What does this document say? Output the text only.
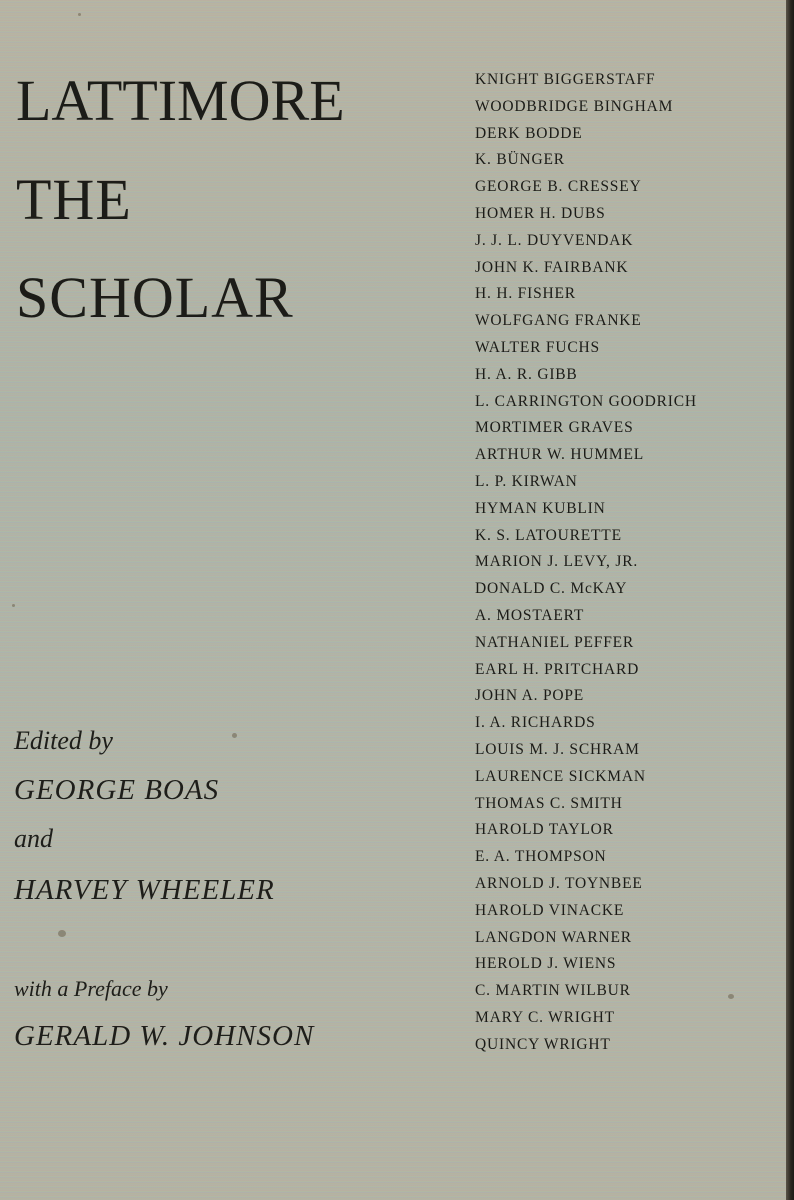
LATTIMORE
THE
SCHOLAR
Edited by
GEORGE BOAS
and
HARVEY WHEELER
with a Preface by
GERALD W. JOHNSON
KNIGHT BIGGERSTAFF
WOODBRIDGE BINGHAM
DERK BODDE
K. BÜNGER
GEORGE B. CRESSEY
HOMER H. DUBS
J. J. L. DUYVENDAK
JOHN K. FAIRBANK
H. H. FISHER
WOLFGANG FRANKE
WALTER FUCHS
H. A. R. GIBB
L. CARRINGTON GOODRICH
MORTIMER GRAVES
ARTHUR W. HUMMEL
L. P. KIRWAN
HYMAN KUBLIN
K. S. LATOURETTE
MARION J. LEVY, JR.
DONALD C. McKAY
A. MOSTAERT
NATHANIEL PEFFER
EARL H. PRITCHARD
JOHN A. POPE
I. A. RICHARDS
LOUIS M. J. SCHRAM
LAURENCE SICKMAN
THOMAS C. SMITH
HAROLD TAYLOR
E. A. THOMPSON
ARNOLD J. TOYNBEE
HAROLD VINACKE
LANGDON WARNER
HEROLD J. WIENS
C. MARTIN WILBUR
MARY C. WRIGHT
QUINCY WRIGHT
